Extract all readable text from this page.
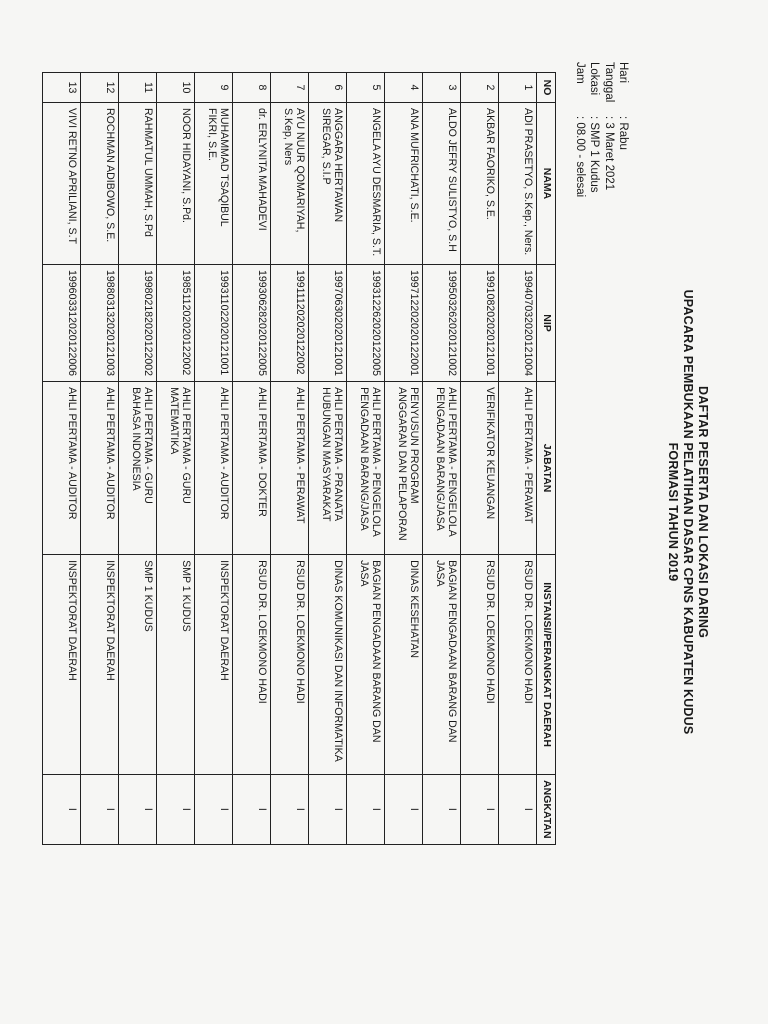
DAFTAR PESERTA DAN LOKASI DARING
UPACARA PEMBUKAAN PELATIHAN DASAR CPNS KABUPATEN KUDUS
FORMASI TAHUN 2019
Hari
: Rabu
Tanggal
: 3 Maret 2021
Lokasi
: SMP 1 Kudus
Jam
: 08.00 - selesai
NO	NAMA	NIP	JABATAN	INSTANSI/PERANGKAT DAERAH	ANGKATAN
1	ADI PRASETYO, S.Kep., Ners.	199407032020121004	AHLI PERTAMA - PERAWAT	RSUD DR. LOEKMONO HADI	I
2	AKBAR FAORIKO, S.E.	199108202020121001	VERIFIKATOR KEUANGAN	RSUD DR. LOEKMONO HADI	I
3	ALDO JEFRY SULISTYO, S.H	199503262020121002	AHLI PERTAMA - PENGELOLA PENGADAAN BARANG/JASA	BAGIAN PENGADAAN BARANG DAN JASA	I
4	ANA MUFRICHATI, S.E.	199712202020122001	PENYUSUN PROGRAM ANGGARAN DAN PELAPORAN	DINAS KESEHATAN	I
5	ANGELA AYU DESMARIA, S.T.	199312262020122005	AHLI PERTAMA - PENGELOLA PENGADAAN BARANG/JASA	BAGIAN PENGADAAN BARANG DAN JASA	I
6	ANGGARA HERTAWAN SIREGAR, S.I.P	199706302020121001	AHLI PERTAMA - PRANATA HUBUNGAN MASYARAKAT	DINAS KOMUNIKASI DAN INFORMATIKA	I
7	AYU NUUR QOMARIYAH, S.Kep, Ners	199111202020122002	AHLI PERTAMA - PERAWAT	RSUD DR. LOEKMONO HADI	I
8	dr. ERLYNITA MAHADEVI	199306282020122005	AHLI PERTAMA - DOKTER	RSUD DR. LOEKMONO HADI	I
9	MUHAMMAD TSAQIBUL FIKRI, S.E.	199311022020121001	AHLI PERTAMA - AUDITOR	INSPEKTORAT DAERAH	I
10	NOOR HIDAYANI, S.Pd.	198511202020122002	AHLI PERTAMA - GURU MATEMATIKA	SMP 1 KUDUS	I
11	RAHMATUL UMMAH, S.Pd	199802182020122002	AHLI PERTAMA - GURU BAHASA INDONESIA	SMP 1 KUDUS	I
12	ROCHMAN ADIBOWO, S.E.	198803132020121003	AHLI PERTAMA - AUDITOR	INSPEKTORAT DAERAH	I
13	VIVI RETNO APRILIANI, S.T	199603312020122006	AHLI PERTAMA - AUDITOR	INSPEKTORAT DAERAH	I
